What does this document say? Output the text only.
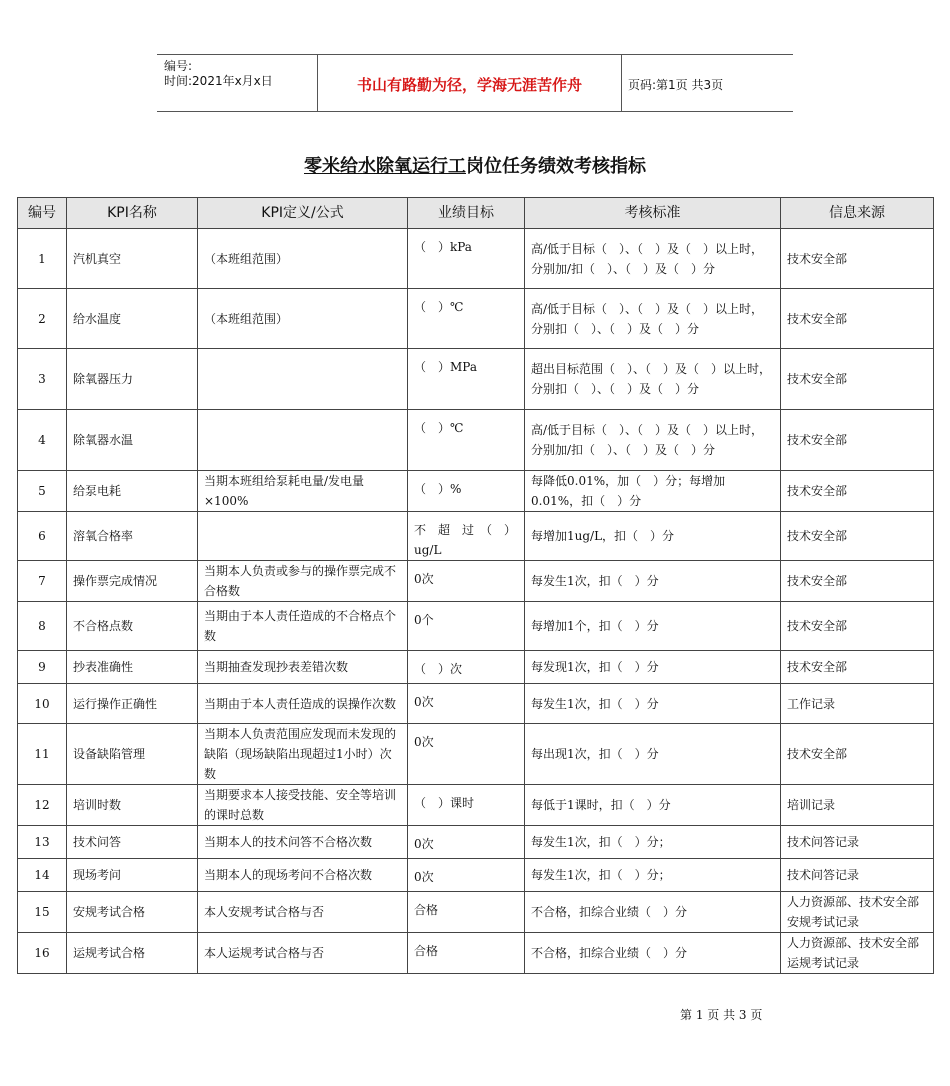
编号:
时间:2021年x月x日	书山有路勤为径，学海无涯苦作舟	页码:第1页 共3页
零米给水除氧运行工岗位任务绩效考核指标
编号	KPI名称	KPI定义/公式	业绩目标	考核标准	信息来源
1	汽机真空	（本班组范围）	（　）kPa	高/低于目标（　）、（　）及（　）以上时，分别加/扣（　）、（　）及（　）分	技术安全部
2	给水温度	（本班组范围）	（　）℃	高/低于目标（　）、（　）及（　）以上时，分别扣（　）、（　）及（　）分	技术安全部
3	除氧器压力		（　）MPa	超出目标范围（　）、（　）及（　）以上时，分别扣（　）、（　）及（　）分	技术安全部
4	除氧器水温		（　）℃	高/低于目标（　）、（　）及（　）以上时，分别加/扣（　）、（　）及（　）分	技术安全部
5	给泵电耗	当期本班组给泵耗电量/发电量×100%	（　）%	每降低0.01%，加（　）分；每增加0.01%，扣（　）分	技术安全部
6	溶氧合格率		不　超　过　（　）ug/L	每增加1ug/L，扣（　）分	技术安全部
7	操作票完成情况	当期本人负责或参与的操作票完成不合格数	0次	每发生1次，扣（　）分	技术安全部
8	不合格点数	当期由于本人责任造成的不合格点个数	0个	每增加1个，扣（　）分	技术安全部
9	抄表准确性	当期抽查发现抄表差错次数	（　）次	每发现1次，扣（　）分	技术安全部
10	运行操作正确性	当期由于本人责任造成的误操作次数	0次	每发生1次，扣（　）分	工作记录
11	设备缺陷管理	当期本人负责范围应发现而未发现的缺陷（现场缺陷出现超过1小时）次数	0次	每出现1次，扣（　）分	技术安全部
12	培训时数	当期要求本人接受技能、安全等培训的课时总数	（　）课时	每低于1课时，扣（　）分	培训记录
13	技术问答	当期本人的技术问答不合格次数	0次	每发生1次，扣（　）分；	技术问答记录
14	现场考问	当期本人的现场考问不合格次数	0次	每发生1次，扣（　）分；	技术问答记录
15	安规考试合格	本人安规考试合格与否	合格	不合格，扣综合业绩（　）分	人力资源部、技术安全部安规考试记录
16	运规考试合格	本人运规考试合格与否	合格	不合格，扣综合业绩（　）分	人力资源部、技术安全部运规考试记录
第 1 页 共 3 页
